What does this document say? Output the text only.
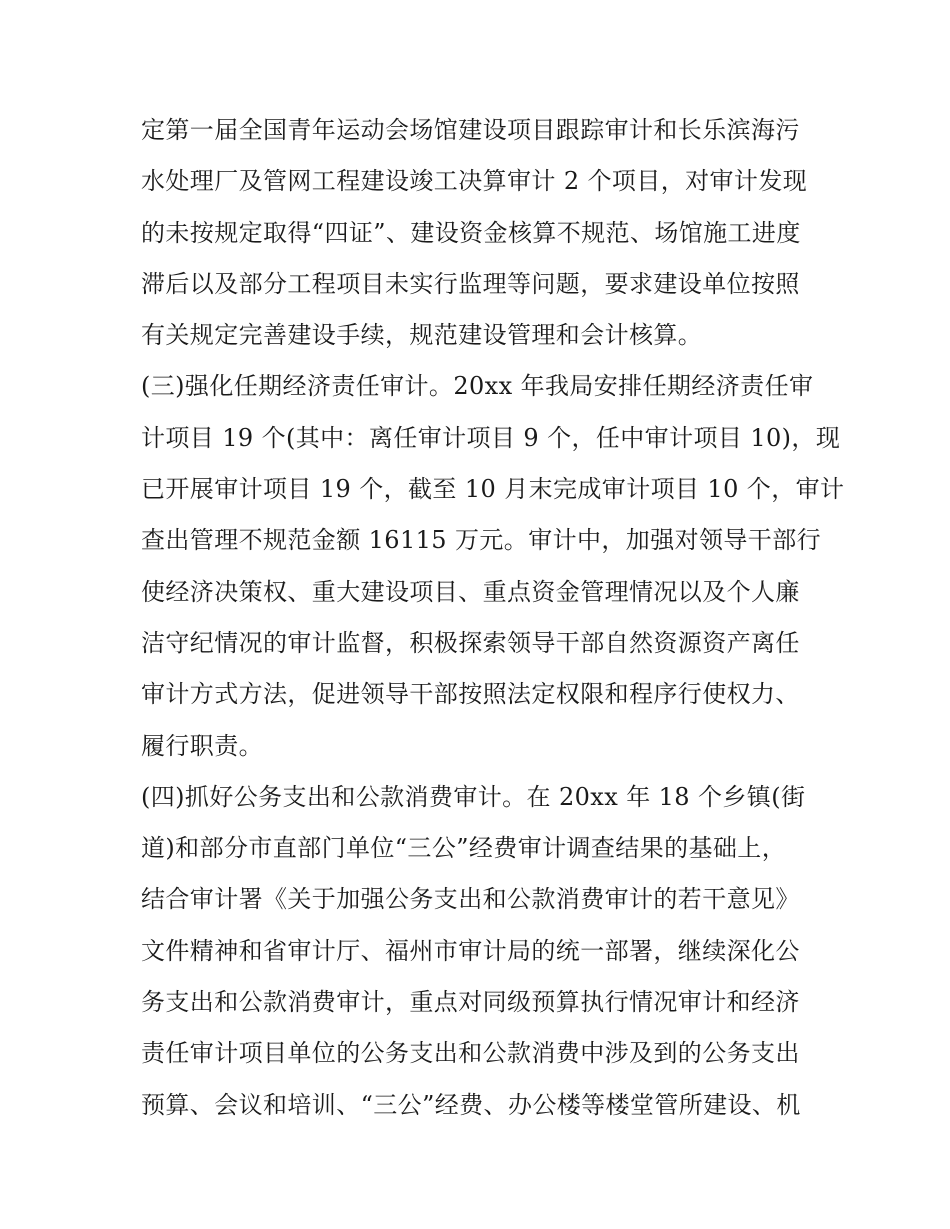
定第一届全国青年运动会场馆建设项目跟踪审计和长乐滨海污
水处理厂及管网工程建设竣工决算审计 2 个项目，对审计发现
的未按规定取得“四证”、建设资金核算不规范、场馆施工进度
滞后以及部分工程项目未实行监理等问题，要求建设单位按照
有关规定完善建设手续，规范建设管理和会计核算。
(三)强化任期经济责任审计。20xx 年我局安排任期经济责任审
计项目 19 个(其中：离任审计项目 9 个，任中审计项目 10)，现
已开展审计项目 19 个，截至 10 月末完成审计项目 10 个，审计
查出管理不规范金额 16115 万元。审计中，加强对领导干部行
使经济决策权、重大建设项目、重点资金管理情况以及个人廉
洁守纪情况的审计监督，积极探索领导干部自然资源资产离任
审计方式方法，促进领导干部按照法定权限和程序行使权力、
履行职责。
(四)抓好公务支出和公款消费审计。在 20xx 年 18 个乡镇(街
道)和部分市直部门单位“三公”经费审计调查结果的基础上，
结合审计署《关于加强公务支出和公款消费审计的若干意见》
文件精神和省审计厅、福州市审计局的统一部署，继续深化公
务支出和公款消费审计，重点对同级预算执行情况审计和经济
责任审计项目单位的公务支出和公款消费中涉及到的公务支出
预算、会议和培训、“三公”经费、办公楼等楼堂管所建设、机
